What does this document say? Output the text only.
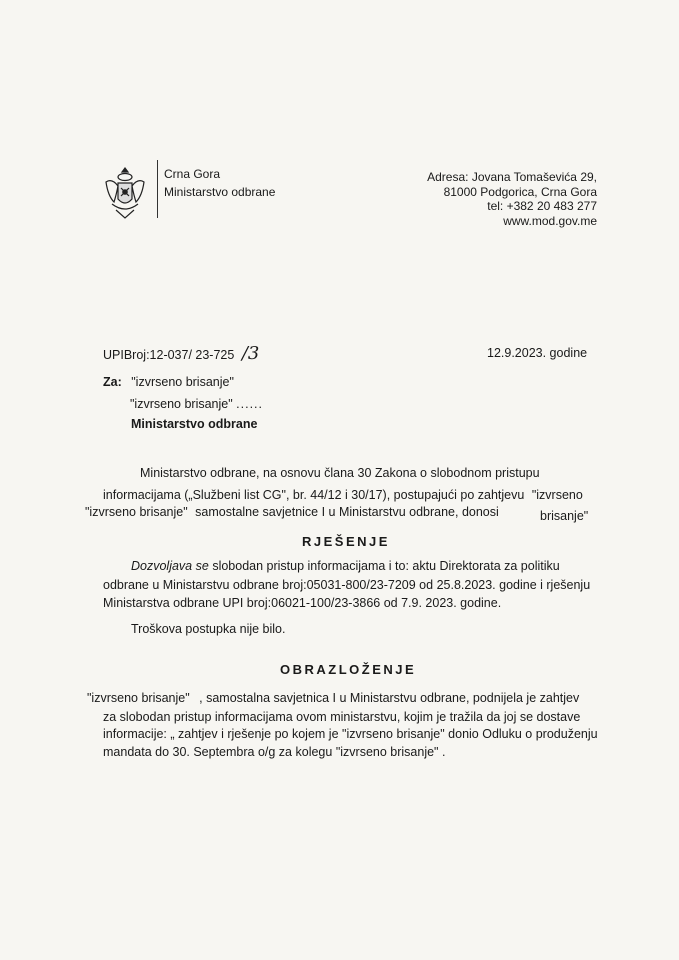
Crna Gora
Ministarstvo odbrane
Adresa: Jovana Tomaševića 29,
81000 Podgorica, Crna Gora
tel: +382 20 483 277
www.mod.gov.me
UPIBroj:12-037/ 23-725 /3	12.9.2023. godine
Za: "izvrseno brisanje"
"izvrseno brisanje" ......
Ministarstvo odbrane
Ministarstvo odbrane, na osnovu člana 30 Zakona o slobodnom pristupu
informacijama („Službeni list CG", br. 44/12 i 30/17), postupajući po zahtjevu "izvrseno
"izvrseno brisanje" samostalne savjetnice I u Ministarstvu odbrane, donosi	brisanje"
RJEŠENJE
Dozvoljava se slobodan pristup informacijama i to: aktu Direktorata za politiku
odbrane u Ministarstvu odbrane broj:05031-800/23-7209 od 25.8.2023. godine i rješenju
Ministarstva odbrane UPI broj:06021-100/23-3866 od 7.9. 2023. godine.
Troškova postupka nije bilo.
OBRAZLOŽENJE
"izvrseno brisanje" , samostalna savjetnica I u Ministarstvu odbrane, podnijela je zahtjev
za slobodan pristup informacijama ovom ministarstvu, kojim je tražila da joj se dostave
informacije: „ zahtjev i rješenje po kojem je "izvrseno brisanje" donio Odluku o produženju
mandata do 30. Septembra o/g za kolegu "izvrseno brisanje" .
